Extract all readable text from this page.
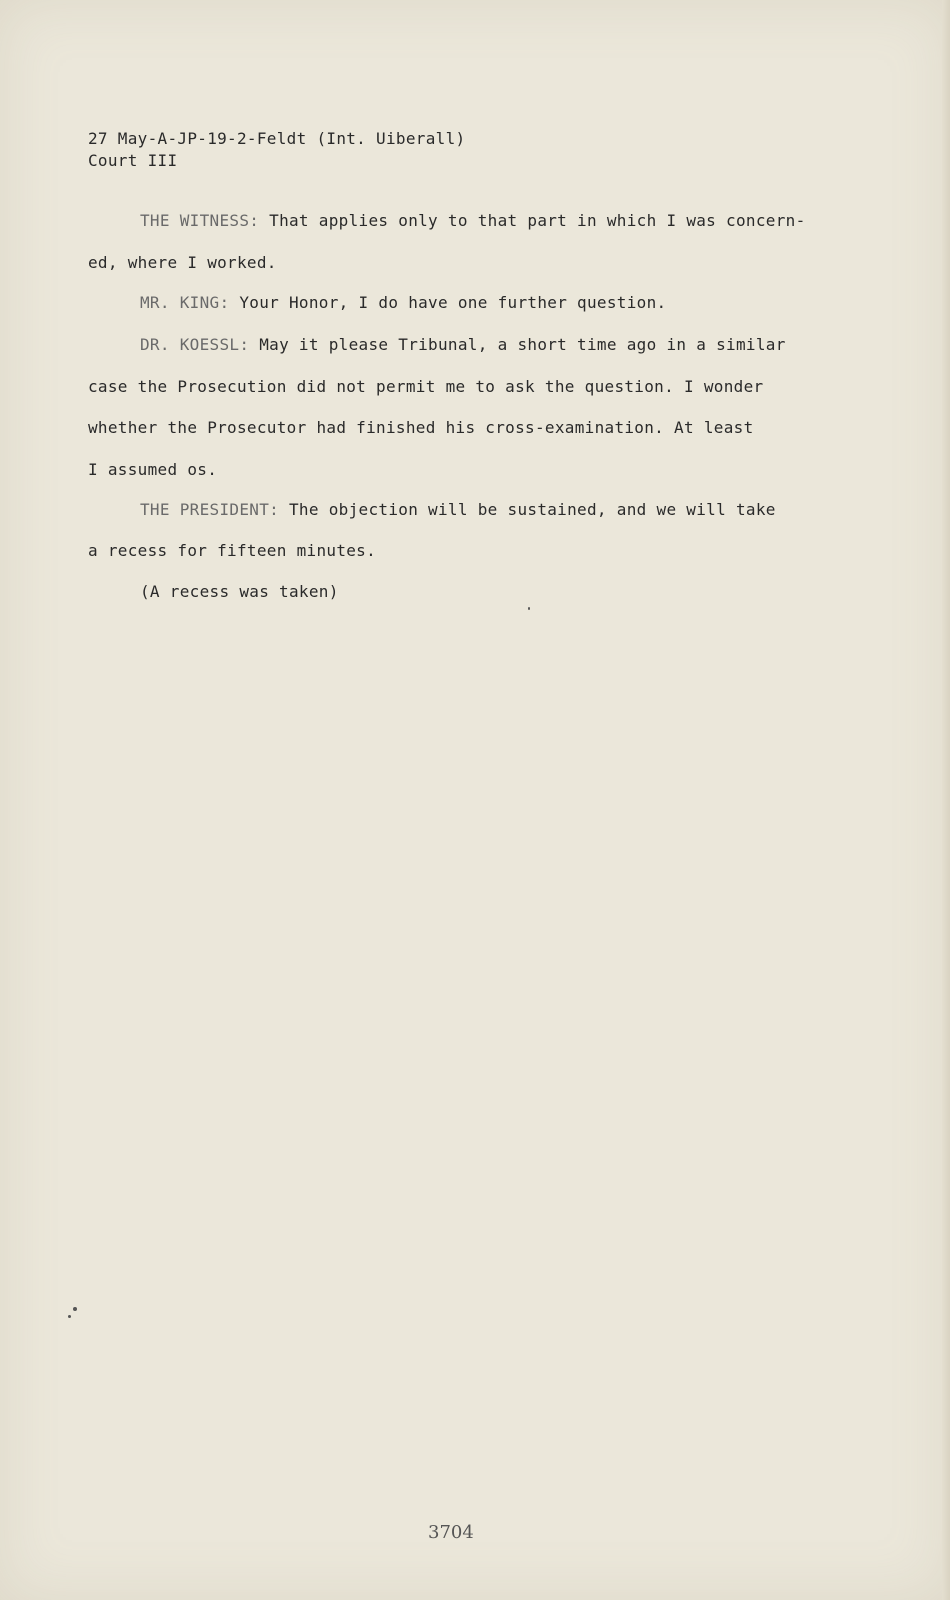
27 May-A-JP-19-2-Feldt (Int. Uiberall)
Court III
THE WITNESS: That applies only to that part in which I was concern-
ed, where I worked.
MR. KING: Your Honor, I do have one further question.
DR. KOESSL: May it please Tribunal, a short time ago in a similar
case the Prosecution did not permit me to ask the question. I wonder
whether the Prosecutor had finished his cross-examination. At least
I assumed os.
THE PRESIDENT: The objection will be sustained, and we will take
a recess for fifteen minutes.
(A recess was taken)
3704
